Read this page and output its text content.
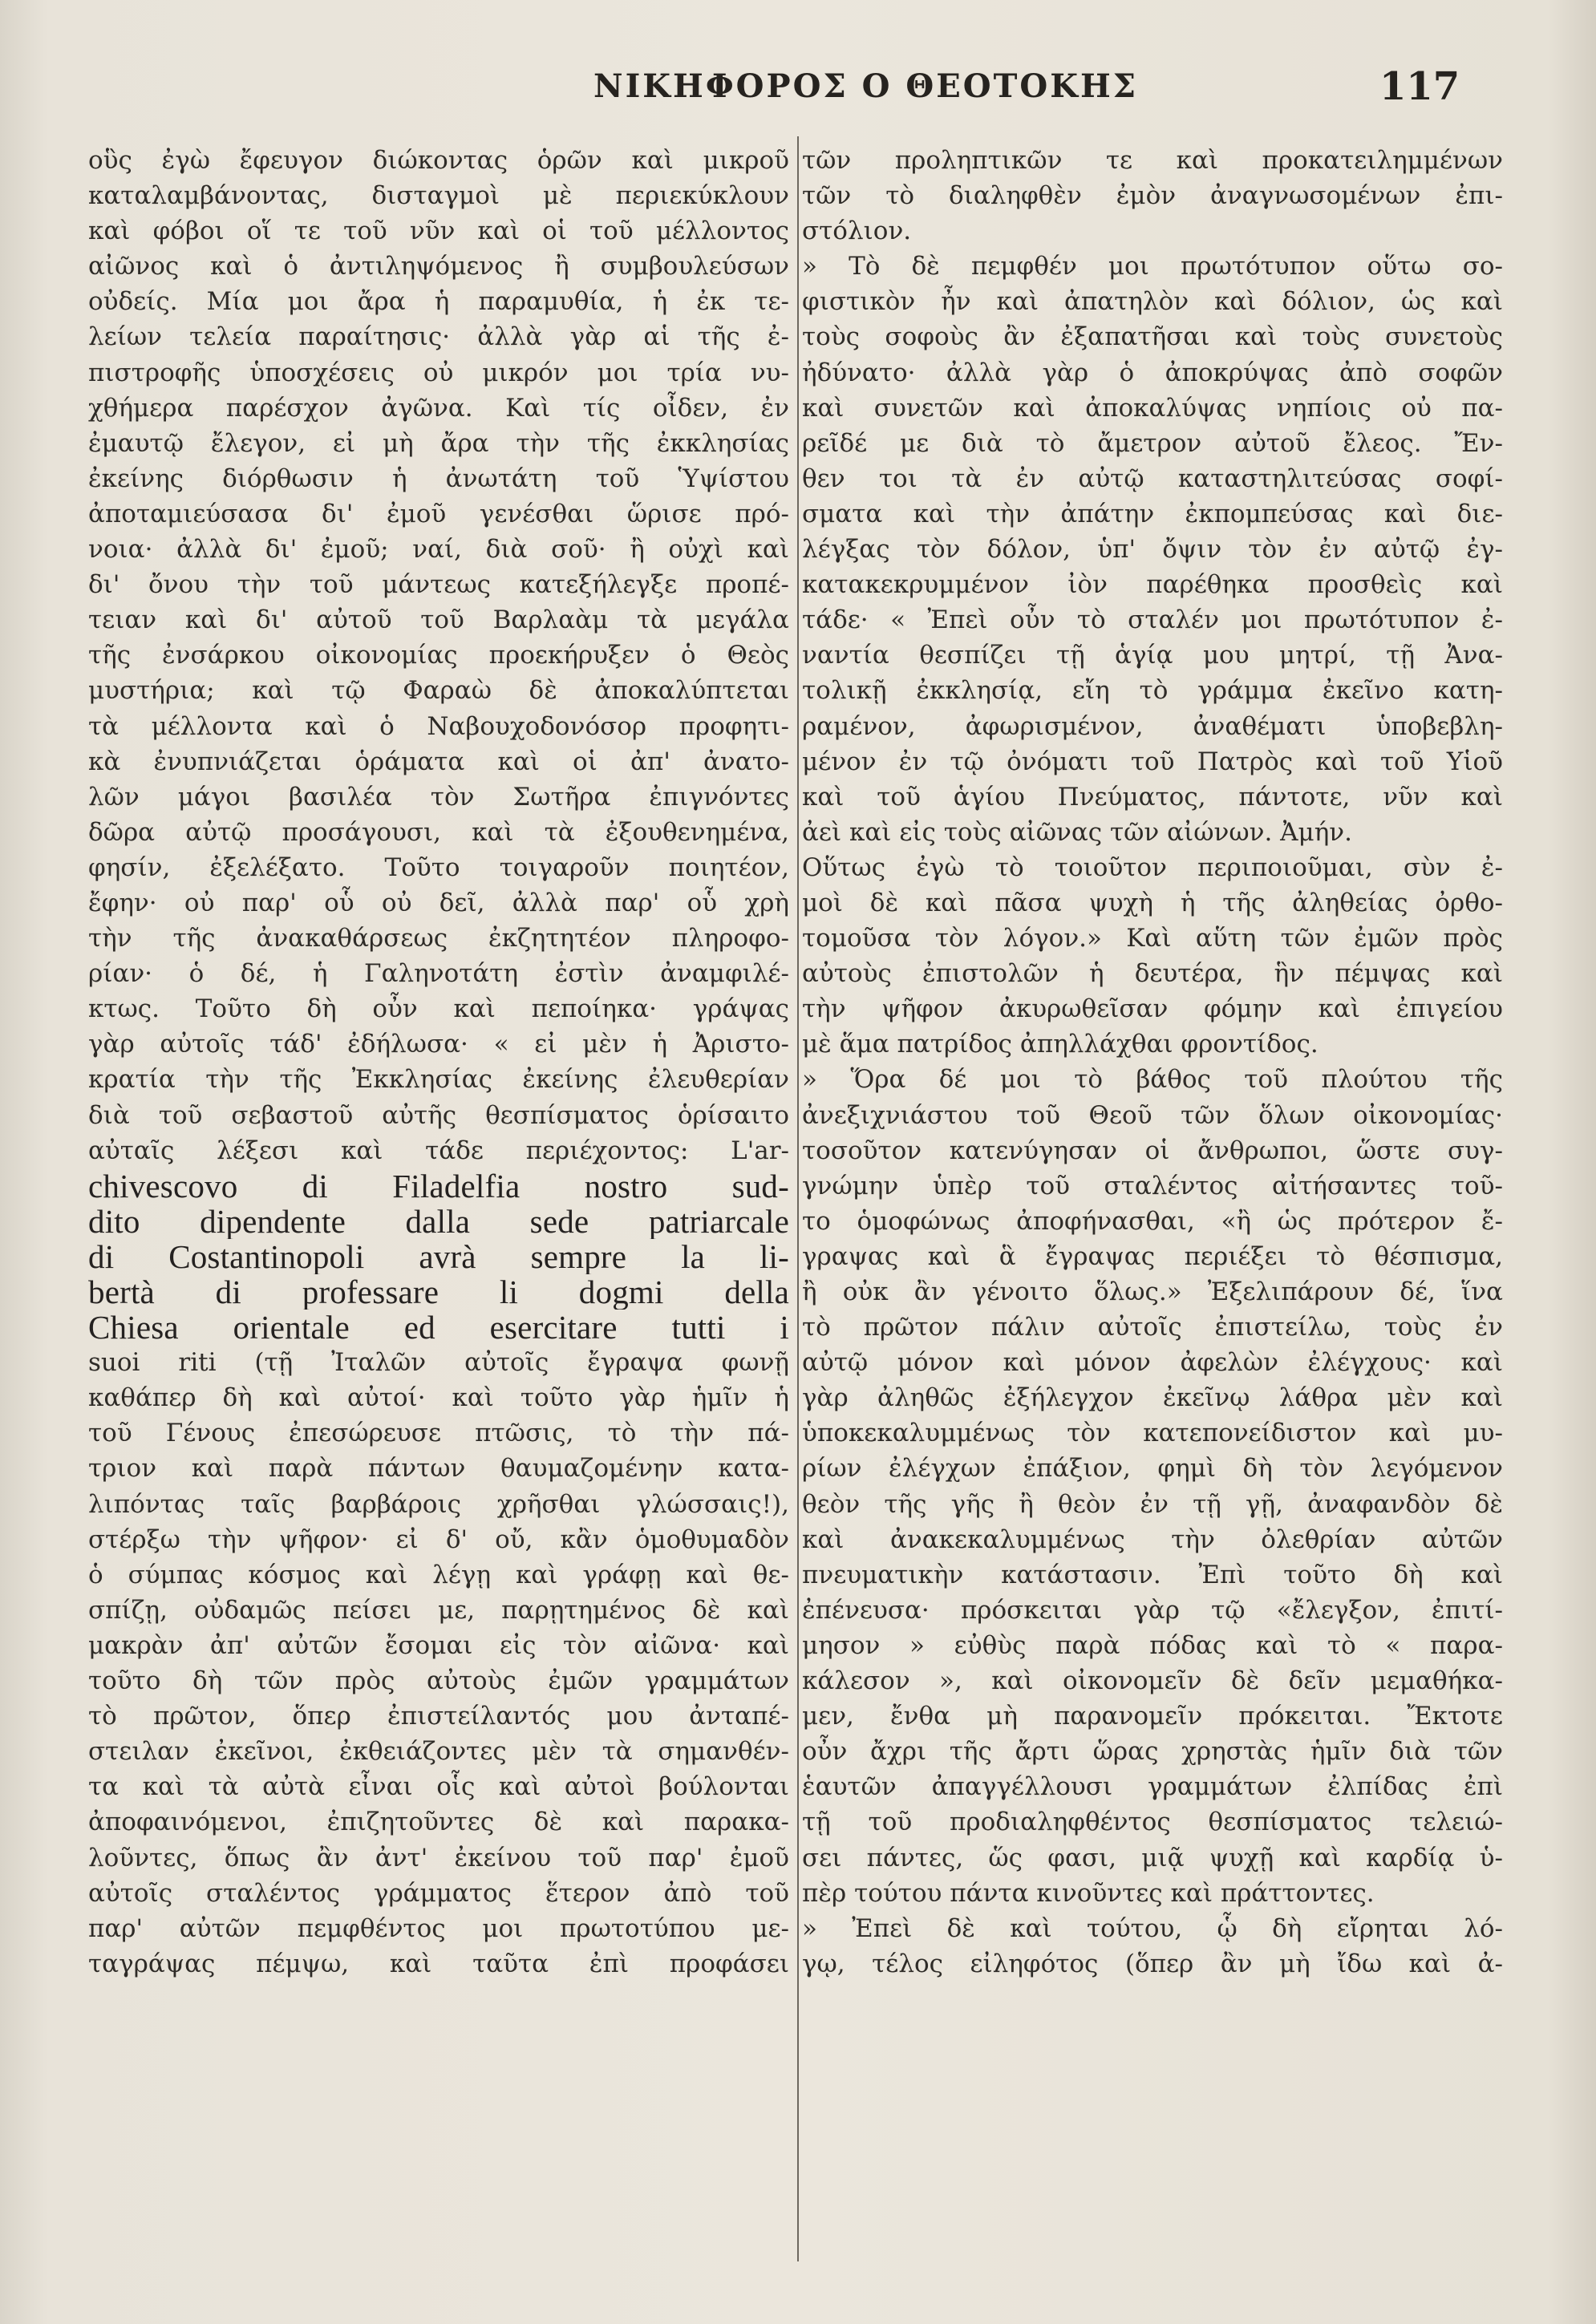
ΝΙΚΗΦΟΡΟΣ Ο ΘΕΟΤΟΚΗΣ	117
οὓς ἐγὼ ἔφευγον διώκοντας ὁρῶν καὶ μικροῦ
καταλαμβάνοντας, δισταγμοὶ μὲ περιεκύκλουν
καὶ φόβοι οἵ τε τοῦ νῦν καὶ οἱ τοῦ μέλλοντος
αἰῶνος καὶ ὁ ἀντιληψόμενος ἢ συμβουλεύσων
οὐδείς. Μία μοι ἄρα ἡ παραμυθία, ἡ ἐκ τε-
λείων τελεία παραίτησις· ἀλλὰ γὰρ αἱ τῆς ἐ-
πιστροφῆς ὑποσχέσεις οὐ μικρόν μοι τρία νυ-
χθήμερα παρέσχον ἀγῶνα. Καὶ τίς οἶδεν, ἐν
ἐμαυτῷ ἔλεγον, εἰ μὴ ἄρα τὴν τῆς ἐκκλησίας
ἐκείνης διόρθωσιν ἡ ἀνωτάτη τοῦ Ὑψίστου
ἀποταμιεύσασα δι' ἐμοῦ γενέσθαι ὥρισε πρό-
νοια· ἀλλὰ δι' ἐμοῦ; ναί, διὰ σοῦ· ἢ οὐχὶ καὶ
δι' ὄνου τὴν τοῦ μάντεως κατεξήλεγξε προπέ-
τειαν καὶ δι' αὐτοῦ τοῦ Βαρλαὰμ τὰ μεγάλα
τῆς ἐνσάρκου οἰκονομίας προεκήρυξεν ὁ Θεὸς
μυστήρια; καὶ τῷ Φαραὼ δὲ ἀποκαλύπτεται
τὰ μέλλοντα καὶ ὁ Ναβουχοδονόσορ προφητι-
κὰ ἐνυπνιάζεται ὁράματα καὶ οἱ ἀπ' ἀνατο-
λῶν μάγοι βασιλέα τὸν Σωτῆρα ἐπιγνόντες
δῶρα αὐτῷ προσάγουσι, καὶ τὰ ἐξουθενημένα,
φησίν, ἐξελέξατο. Τοῦτο τοιγαροῦν ποιητέον,
ἔφην· οὐ παρ' οὗ οὐ δεῖ, ἀλλὰ παρ' οὗ χρὴ
τὴν τῆς ἀνακαθάρσεως ἐκζητητέον πληροφο-
ρίαν· ὁ δέ, ἡ Γαληνοτάτη ἐστὶν ἀναμφιλέ-
κτως. Τοῦτο δὴ οὖν καὶ πεποίηκα· γράψας
γὰρ αὐτοῖς τάδ' ἐδήλωσα· « εἰ μὲν ἡ Ἀριστο-
κρατία τὴν τῆς Ἐκκλησίας ἐκείνης ἐλευθερίαν
διὰ τοῦ σεβαστοῦ αὐτῆς θεσπίσματος ὁρίσαιτο
αὐταῖς λέξεσι καὶ τάδε περιέχοντος: L'ar-
chivescovo di Filadelfia nostro sud-
dito dipendente dalla sede patriarcale
di Costantinopoli avrà sempre la li-
bertà di professare li dogmi della
Chiesa orientale ed esercitare tutti i
suoi riti (τῇ Ἰταλῶν αὐτοῖς ἔγραψα φωνῇ
καθάπερ δὴ καὶ αὐτοί· καὶ τοῦτο γὰρ ἡμῖν ἡ
τοῦ Γένους ἐπεσώρευσε πτῶσις, τὸ τὴν πά-
τριον καὶ παρὰ πάντων θαυμαζομένην κατα-
λιπόντας ταῖς βαρβάροις χρῆσθαι γλώσσαις!),
στέρξω τὴν ψῆφον· εἰ δ' οὔ, κἂν ὁμοθυμαδὸν
ὁ σύμπας κόσμος καὶ λέγῃ καὶ γράφῃ καὶ θε-
σπίζῃ, οὐδαμῶς πείσει με, παρῃτημένος δὲ καὶ
μακρὰν ἀπ' αὐτῶν ἔσομαι εἰς τὸν αἰῶνα· καὶ
τοῦτο δὴ τῶν πρὸς αὐτοὺς ἐμῶν γραμμάτων
τὸ πρῶτον, ὅπερ ἐπιστείλαντός μου ἀνταπέ-
στειλαν ἐκεῖνοι, ἐκθειάζοντες μὲν τὰ σημανθέν-
τα καὶ τὰ αὐτὰ εἶναι οἷς καὶ αὐτοὶ βούλονται
ἀποφαινόμενοι, ἐπιζητοῦντες δὲ καὶ παρακα-
λοῦντες, ὅπως ἂν ἀντ' ἐκείνου τοῦ παρ' ἐμοῦ
αὐτοῖς σταλέντος γράμματος ἕτερον ἀπὸ τοῦ
παρ' αὐτῶν πεμφθέντος μοι πρωτοτύπου με-
ταγράψας πέμψω, καὶ ταῦτα ἐπὶ προφάσει
τῶν προληπτικῶν τε καὶ προκατειλημμένων
τῶν τὸ διαληφθὲν ἐμὸν ἀναγνωσομένων ἐπι-
στόλιον.
» Τὸ δὲ πεμφθέν μοι πρωτότυπον οὕτω σο-
φιστικὸν ἦν καὶ ἀπατηλὸν καὶ δόλιον, ὡς καὶ
τοὺς σοφοὺς ἂν ἐξαπατῆσαι καὶ τοὺς συνετοὺς
ἠδύνατο· ἀλλὰ γὰρ ὁ ἀποκρύψας ἀπὸ σοφῶν
καὶ συνετῶν καὶ ἀποκαλύψας νηπίοις οὐ πα-
ρεῖδέ με διὰ τὸ ἄμετρον αὐτοῦ ἔλεος. Ἔν-
θεν τοι τὰ ἐν αὐτῷ καταστηλιτεύσας σοφί-
σματα καὶ τὴν ἀπάτην ἐκπομπεύσας καὶ διε-
λέγξας τὸν δόλον, ὑπ' ὄψιν τὸν ἐν αὐτῷ ἐγ-
κατακεκρυμμένον ἰὸν παρέθηκα προσθεὶς καὶ
τάδε· « Ἐπεὶ οὖν τὸ σταλέν μοι πρωτότυπον ἐ-
ναντία θεσπίζει τῇ ἁγίᾳ μου μητρί, τῇ Ἀνα-
τολικῇ ἐκκλησίᾳ, εἴη τὸ γράμμα ἐκεῖνο κατη-
ραμένον, ἀφωρισμένον, ἀναθέματι ὑποβεβλη-
μένον ἐν τῷ ὀνόματι τοῦ Πατρὸς καὶ τοῦ Υἱοῦ
καὶ τοῦ ἁγίου Πνεύματος, πάντοτε, νῦν καὶ
ἀεὶ καὶ εἰς τοὺς αἰῶνας τῶν αἰώνων. Ἀμήν.
Οὕτως ἐγὼ τὸ τοιοῦτον περιποιοῦμαι, σὺν ἐ-
μοὶ δὲ καὶ πᾶσα ψυχὴ ἡ τῆς ἀληθείας ὀρθο-
τομοῦσα τὸν λόγον.» Καὶ αὕτη τῶν ἐμῶν πρὸς
αὐτοὺς ἐπιστολῶν ἡ δευτέρα, ἣν πέμψας καὶ
τὴν ψῆφον ἀκυρωθεῖσαν φόμην καὶ ἐπιγείου
μὲ ἅμα πατρίδος ἀπηλλάχθαι φροντίδος.
» Ὅρα δέ μοι τὸ βάθος τοῦ πλούτου τῆς
ἀνεξιχνιάστου τοῦ Θεοῦ τῶν ὅλων οἰκονομίας·
τοσοῦτον κατενύγησαν οἱ ἄνθρωποι, ὥστε συγ-
γνώμην ὑπὲρ τοῦ σταλέντος αἰτήσαντες τοῦ-
το ὁμοφώνως ἀποφήνασθαι, «ἢ ὡς πρότερον ἔ-
γραψας καὶ ἃ ἔγραψας περιέξει τὸ θέσπισμα,
ἢ οὐκ ἂν γένοιτο ὅλως.» Ἐξελιπάρουν δέ, ἵνα
τὸ πρῶτον πάλιν αὐτοῖς ἐπιστείλω, τοὺς ἐν
αὐτῷ μόνον καὶ μόνον ἀφελὼν ἐλέγχους· καὶ
γὰρ ἀληθῶς ἐξήλεγχον ἐκεῖνῳ λάθρα μὲν καὶ
ὑποκεκαλυμμένως τὸν κατεπονείδιστον καὶ μυ-
ρίων ἐλέγχων ἐπάξιον, φημὶ δὴ τὸν λεγόμενον
θεὸν τῆς γῆς ἢ θεὸν ἐν τῇ γῇ, ἀναφανδὸν δὲ
καὶ ἀνακεκαλυμμένως τὴν ὀλεθρίαν αὐτῶν
πνευματικὴν κατάστασιν. Ἐπὶ τοῦτο δὴ καὶ
ἐπένευσα· πρόσκειται γὰρ τῷ «ἔλεγξον, ἐπιτί-
μησον » εὐθὺς παρὰ πόδας καὶ τὸ « παρα-
κάλεσον », καὶ οἰκονομεῖν δὲ δεῖν μεμαθήκα-
μεν, ἔνθα μὴ παρανομεῖν πρόκειται. Ἔκτοτε
οὖν ἄχρι τῆς ἄρτι ὥρας χρηστὰς ἡμῖν διὰ τῶν
ἑαυτῶν ἀπαγγέλλουσι γραμμάτων ἐλπίδας ἐπὶ
τῇ τοῦ προδιαληφθέντος θεσπίσματος τελειώ-
σει πάντες, ὥς φασι, μιᾷ ψυχῇ καὶ καρδίᾳ ὑ-
πὲρ τούτου πάντα κινοῦντες καὶ πράττοντες.
» Ἐπεὶ δὲ καὶ τούτου, ᾧ δὴ εἴρηται λό-
γῳ, τέλος εἰληφότος (ὅπερ ἂν μὴ ἴδω καὶ ἀ-
